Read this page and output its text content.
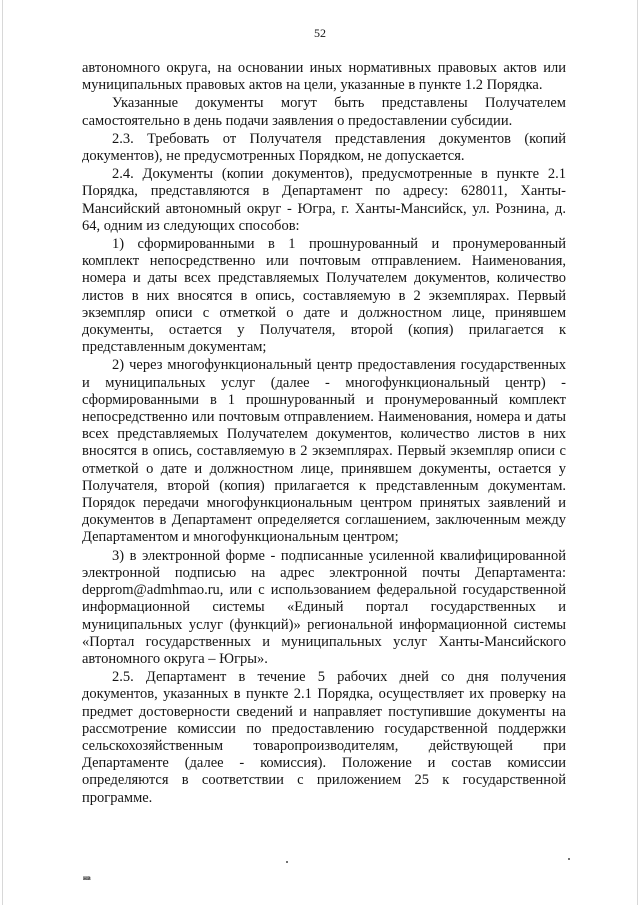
52

автономного округа, на основании иных нормативных правовых актов или муниципальных правовых актов на цели, указанные в пункте 1.2 Порядка.

Указанные документы могут быть представлены Получателем самостоятельно в день подачи заявления о предоставлении субсидии.

2.3. Требовать от Получателя представления документов (копий документов), не предусмотренных Порядком, не допускается.

2.4. Документы (копии документов), предусмотренные в пункте 2.1 Порядка, представляются в Департамент по адресу: 628011, Ханты-Мансийский автономный округ - Югра, г. Ханты-Мансийск, ул. Рознина, д. 64, одним из следующих способов:

1) сформированными в 1 прошнурованный и пронумерованный комплект непосредственно или почтовым отправлением. Наименования, номера и даты всех представляемых Получателем документов, количество листов в них вносятся в опись, составляемую в 2 экземплярах. Первый экземпляр описи с отметкой о дате и должностном лице, принявшем документы, остается у Получателя, второй (копия) прилагается к представленным документам;

2) через многофункциональный центр предоставления государственных и муниципальных услуг (далее - многофункциональный центр) - сформированными в 1 прошнурованный и пронумерованный комплект непосредственно или почтовым отправлением. Наименования, номера и даты всех представляемых Получателем документов, количество листов в них вносятся в опись, составляемую в 2 экземплярах. Первый экземпляр описи с отметкой о дате и должностном лице, принявшем документы, остается у Получателя, второй (копия) прилагается к представленным документам. Порядок передачи многофункциональным центром принятых заявлений и документов в Департамент определяется соглашением, заключенным между Департаментом и многофункциональным центром;

3) в электронной форме - подписанные усиленной квалифицированной электронной подписью на адрес электронной почты Департамента: depprom@admhmao.ru, или с использованием федеральной государственной информационной системы «Единый портал государственных и муниципальных услуг (функций)» региональной информационной системы «Портал государственных и муниципальных услуг Ханты-Мансийского автономного округа – Югры».

2.5. Департамент в течение 5 рабочих дней со дня получения документов, указанных в пункте 2.1 Порядка, осуществляет их проверку на предмет достоверности сведений и направляет поступившие документы на рассмотрение комиссии по предоставлению государственной поддержки сельскохозяйственным товаропроизводителям, действующей при Департаменте (далее - комиссия). Положение и состав комиссии определяются в соответствии с приложением 25 к государственной программе.

нв
